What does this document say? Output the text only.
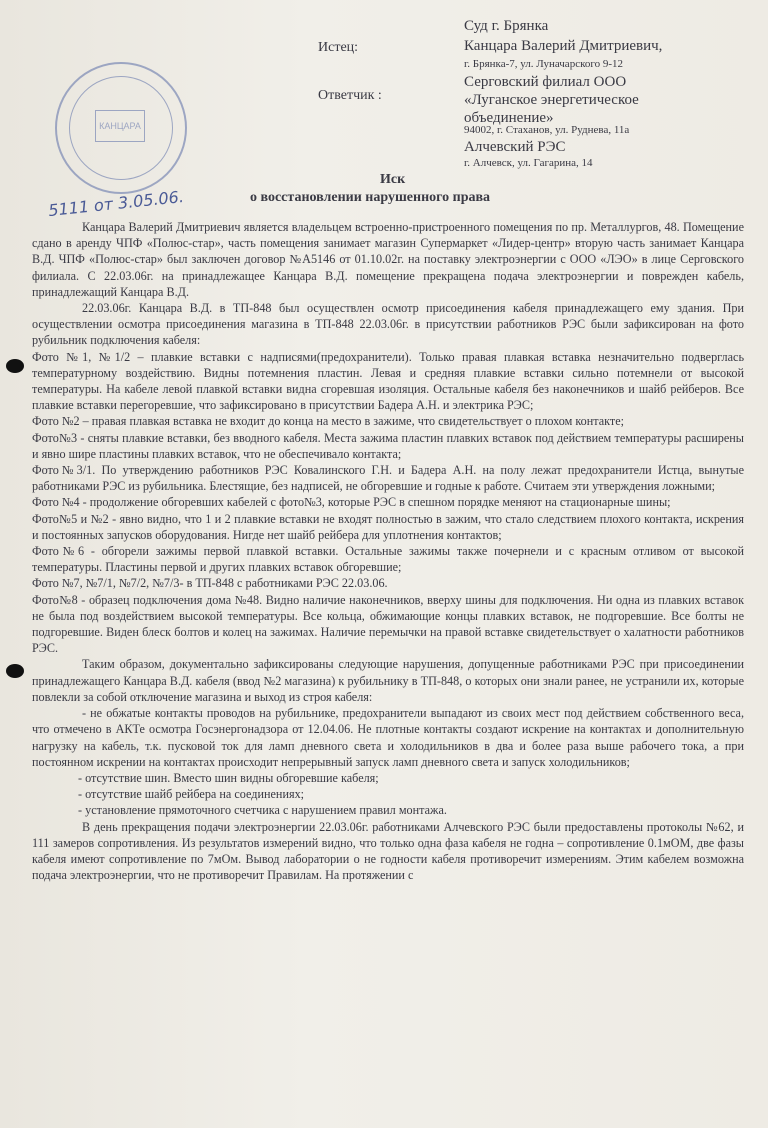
КАНЦАРА
Суд г. Брянка
Истец:	Канцара Валерий Дмитриевич,
г. Брянка-7, ул. Луначарского 9-12
Ответчик :
Серговский филиал ООО
«Луганское энергетическое
объединение»
94002, г. Стаханов, ул. Руднева, 11а
Алчевский РЭС
г. Алчевск, ул. Гагарина, 14
5111 от 3.05.06.
Иск
о восстановлении нарушенного права

Канцара Валерий Дмитриевич является владельцем встроенно-пристроенного помещения по пр. Металлургов, 48. Помещение сдано в аренду ЧПФ «Полюс-стар», часть помещения занимает магазин Супермаркет «Лидер-центр» вторую часть занимает Канцара В.Д. ЧПФ «Полюс-стар» был заключен договор №А5146 от 01.10.02г. на поставку электроэнергии с ООО «ЛЭО» в лице Серговского филиала. С 22.03.06г. на принадлежащее Канцара В.Д. помещение прекращена подача электроэнергии и поврежден кабель, принадлежащий Канцара В.Д.

22.03.06г. Канцара В.Д. в ТП-848 был осуществлен осмотр присоединения кабеля принадлежащего ему здания. При осуществлении осмотра присоединения магазина в ТП-848 22.03.06г. в присутствии работников РЭС были зафиксирован на фото рубильник подключения кабеля:

Фото №1, №1/2 – плавкие вставки с надписями(предохранители). Только правая плавкая вставка незначительно подверглась температурному воздействию. Видны потемнения пластин. Левая и средняя плавкие вставки сильно потемнели от высокой температуры. На кабеле левой плавкой вставки видна сгоревшая изоляция. Остальные кабеля без наконечников и шайб рейберов. Все плавкие вставки перегоревшие, что зафиксировано в присутствии Бадера А.Н. и электрика РЭС;

Фото №2 – правая плавкая вставка не входит до конца на место в зажиме, что свидетельствует о плохом контакте;

Фото№3 - сняты плавкие вставки, без вводного кабеля. Места зажима пластин плавких вставок под действием температуры расширены и явно шире пластины плавких вставок, что не обеспечивало контакта;

Фото№3/1. По утверждению работников РЭС Ковалинского Г.Н. и Бадера А.Н. на полу лежат предохранители Истца, вынутые работниками РЭС из рубильника. Блестящие, без надписей, не обгоревшие и годные к работе. Считаем эти утверждения ложными;

Фото №4 - продолжение обгоревших кабелей с фото№3, которые РЭС в спешном порядке меняют на стационарные шины;

Фото№5 и №2 - явно видно, что 1 и 2 плавкие вставки не входят полностью в зажим, что стало следствием плохого контакта, искрения и постоянных запусков оборудования. Нигде нет шайб рейбера для уплотнения контактов;

Фото№6 - обгорели зажимы первой плавкой вставки. Остальные зажимы также почернели и с красным отливом от высокой температуры. Пластины первой и других плавких вставок обгоревшие;

Фото №7, №7/1, №7/2, №7/3- в ТП-848 с работниками РЭС 22.03.06.

Фото№8 - образец подключения дома №48. Видно наличие наконечников, вверху шины для подключения. Ни одна из плавких вставок не была под воздействием высокой температуры. Все кольца, обжимающие концы плавких вставок, не подгоревшие. Все болты не подгоревшие. Виден блеск болтов и колец на зажимах. Наличие перемычки на правой вставке свидетельствует о халатности работников РЭС.

Таким образом, документально зафиксированы следующие нарушения, допущенные работниками РЭС при присоединении принадлежащего Канцара В.Д. кабеля (ввод №2 магазина) к рубильнику в ТП-848, о которых они знали ранее, не устранили их, которые повлекли за собой отключение магазина и выход из строя кабеля:

- не обжатые контакты проводов на рубильнике, предохранители выпадают из своих мест под действием собственного веса, что отмечено в АКТе осмотра Госэнергонадзора от 12.04.06. Не плотные контакты создают искрение на контактах и дополнительную нагрузку на кабель, т.к. пусковой ток для ламп дневного света и холодильников в два и более раза выше рабочего тока, а при постоянном искрении на контактах происходит непрерывный запуск ламп дневного света и запуск холодильников;

- отсутствие шин. Вместо шин видны обгоревшие кабеля;

- отсутствие шайб рейбера на соединениях;

- установление прямоточного счетчика с нарушением правил монтажа.

В день прекращения подачи электроэнергии 22.03.06г. работниками Алчевского РЭС были предоставлены протоколы №62, и 111 замеров сопротивления. Из результатов измерений видно, что только одна фаза кабеля не годна – сопротивление 0.1мОМ, две фазы кабеля имеют сопротивление по 7мОм. Вывод лаборатории о не годности кабеля противоречит измерениям. Этим кабелем возможна подача электроэнергии, что не противоречит Правилам. На протяжении с
